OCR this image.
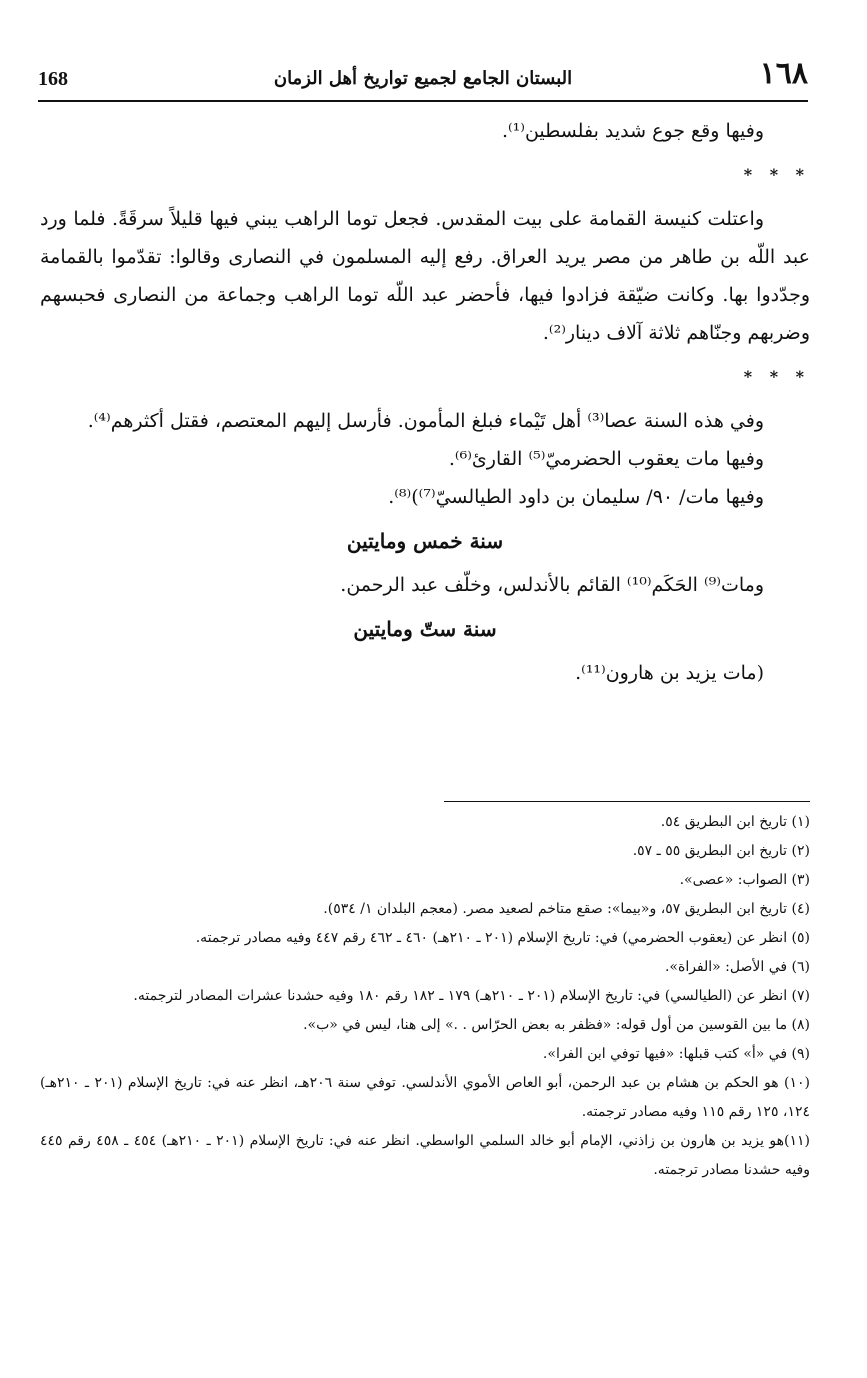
١٦٨
البستان الجامع لجميع تواريخ أهل الزمان
168

وفيها وقع جوع شديد بفلسطين⁽¹⁾.

* * *

واعتلت كنيسة القمامة على بيت المقدس. فجعل توما الراهب يبني فيها قليلاً سرقَةً. فلما ورد عبد اللّه بن طاهر من مصر يريد العراق. رفع إليه المسلمون في النصارى وقالوا: تقدّموا بالقمامة وجدّدوا بها. وكانت ضيّقة فزادوا فيها، فأحضر عبد اللّه توما الراهب وجماعة من النصارى فحبسهم وضربهم وجنّاهم ثلاثة آلاف دينار⁽²⁾.

* * *

وفي هذه السنة عصا⁽³⁾ أهل تَيْماء فبلغ المأمون. فأرسل إليهم المعتصم، فقتل أكثرهم⁽⁴⁾.

وفيها مات يعقوب الحضرميّ⁽⁵⁾ القارئ⁽⁶⁾.

وفيها مات/ ٩٠/ سليمان بن داود الطيالسيّ⁽⁷⁾)⁽⁸⁾.

سنة خمس ومايتين

ومات⁽⁹⁾ الحَكَم⁽¹⁰⁾ القائم بالأندلس، وخلّف عبد الرحمن.

سنة ستّ ومايتين

(مات يزيد بن هارون⁽¹¹⁾.

(١) تاريخ ابن البطريق ٥٤.

(٢) تاريخ ابن البطريق ٥٥ ـ ٥٧.

(٣) الصواب: «عصى».

(٤) تاريخ ابن البطريق ٥٧، و«بيما»: صقع متاخم لصعيد مصر. (معجم البلدان ١/ ٥٣٤).

(٥) انظر عن (يعقوب الحضرمي) في: تاريخ الإسلام (٢٠١ ـ ٢١٠هـ) ٤٦٠ ـ ٤٦٢ رقم ٤٤٧ وفيه مصادر ترجمته.

(٦) في الأصل: «الفراة».

(٧) انظر عن (الطيالسي) في: تاريخ الإسلام (٢٠١ ـ ٢١٠هـ) ١٧٩ ـ ١٨٢ رقم ١٨٠ وفيه حشدنا عشرات المصادر لترجمته.

(٨) ما بين القوسين من أول قوله: «فظفر به بعض الحرّاس . .» إلى هنا، ليس في «ب».

(٩) في «أ» كتب قبلها: «فيها توفي ابن الفرا».

(١٠) هو الحكم بن هشام بن عبد الرحمن، أبو العاص الأموي الأندلسي. توفي سنة ٢٠٦هـ، انظر عنه في: تاريخ الإسلام (٢٠١ ـ ٢١٠هـ) ١٢٤، ١٢٥ رقم ١١٥ وفيه مصادر ترجمته.

(١١)هو يزيد بن هارون بن زاذني، الإمام أبو خالد السلمي الواسطي. انظر عنه في: تاريخ الإسلام (٢٠١ ـ ٢١٠هـ) ٤٥٤ ـ ٤٥٨ رقم ٤٤٥ وفيه حشدنا مصادر ترجمته.
